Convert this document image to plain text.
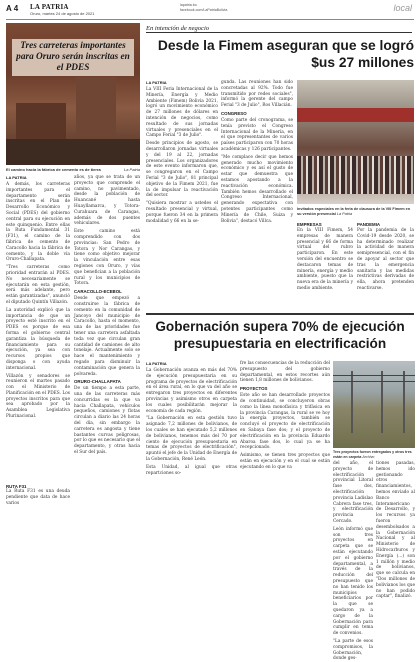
A 4 LA PATRIA
Oruro, martes 24 de agosto de 2021
lapatria.bo
facebook.com/LaPatriaBolivia	local
Tres carreteras importantes para Oruro serán inscritas en el PDES
El camino hacia la fábrica de cemento es de tierra	La Patria
LA PATRIA

A demás, los carreteras importantes para el departamento serán inscritas en el Plan de Desarrollo Económico y Social (PDES) del gobierno central para su ejecución en este quinquenio. Entre ellas la Ruta Fundamental 31 (F31), el camino de la fábrica de cemento de Caracollo hacia la fábrica de cemento, y la doble vía Oruro-Challapata.

"Tres carreteras como prioridad entrarán al PDES. No necesariamente se ejecutarán en esta gestión, será más adelante, pero están garantizadas", anunció el diputado Quintín Villazón.

La autoridad explicó que la importancia de que un proyecto esté inscrito en el PDES es porque de esa forma el gobierno central garantiza la búsqueda de financiamiento para su ejecución, ya sea con recursos propios que disponga o con ayuda internacional.

Villazón y senadores se reunieron el martes pasado con el Ministerio de Planificación en el PDES. Los proyectos inscritos para que sea aprobado por la Asamblea Legislativa Plurinacional.

RUTA F31
La Ruta F31 es una deuda pendiente que data de hace varios

años, ya que se trata de un proyecto que comprende el camino, no pavimentado, desde la población de Huancané hasta Huayllamarca, y Totora-Curahuara de Carangas, además de dos puentes vehiculares.

Este camino está comprendido con dos provincias: San Pedro de Totora y Nor Carangas, y tiene como objetivo mejorar la vinculación entre esas regiones con Oruro, y vías que benefician a la población rural y los municipios de Totora.

CARACOLLO-ECEBOL
Desde que empezó a construirse la fábrica de cemento en la comunidad de Jancoyo del municipio de Caracollo, hasta el momento, una de las prioridades fue tener una carretera asfaltada toda vez que circulan gran cantidad de camiones de alto tonelaje. Actualmente solo se hace el mantenimiento y regado para disminuir la contaminación que genera la polvareda.
ORURO-CHALLAPATA
De un tiempo a esta parte, una de las carreteras más concurridas es la que va hacia Challapata, vehículos pequeños, camiones y flotas circulan a diario las 24 horas del día, sin embargo la carretera es angosta y tiene bastantes curvas peligrosas, por lo que es necesario que el departamento, y otras hacia el Sur del país.
En intención de negocio
Desde la Fimem aseguran que se logró $us 27 millones
LA PATRIA

La VIII Feria Internacional de la Minería, Energía y Medio Ambiente (Fimem) Bolivia 2021, logró un movimiento económico de 27 millones de dólares en intención de negocios, como resultado de sus jornadas virtuales y presenciales en el Campo Ferial "3 de Julio".

Desde principios de agosto, se desarrollaron jornadas virtuales y del 19 al 22, jornadas presenciales. Los organizadores de este evento informaron que, se congregaron en el Campo Ferial "3 de Julio", 81 principal objetivo de la Fimem 2021, fue la de impulsar la reactivación del sector.

"Quisiera mostrar a ustedes el resultado presencial y virtual, porque fueron 34 en la primera modalidad y 66 en la se-

gunda. Las reuniones han sido concretadas al 92%. Todo fue transmitido por redes sociales", informó la gerente del campo Ferial "3 de Julio", Ros Villacián.

CONGRESO

Como parte del cronograma, se tenía previsto el Congreso Internacional de la Minería, en el que representantes de varios países participaron con 70 horas académicas y 126 participantes.

"Me complace decir que hemos generado mucho movimiento económico y es así el gusto de estar que demuestra que estamos apostando a la reactivación económica. También hemos desarrollado el Congreso Internacional, generando expectativa con potentes participantes como Minería de Chile, Suiza y Bolivia", destacó Villca.

Invitados especiales en la feria de clausura de la VIII Fimem en su versión presencial La Patria
EMPRESAS
En la VIII Fimem, 54 empresas de manera presencial y 66 de forma virtual del rubro participaron. En este versión del encuentro se destacaron temas de minería, energía y medio ambiente, puesto que la nueva era de la minería y medio ambiente.
PANDEMIA
Por la pandemia de la Covid-19 desde 2020, se ha determinado realizar la actividad de manera semipresencial, con el fin de apoyar al sector que tras la emergencia sanitaria y las medidas restrictivas derivadas de ella, ahora pretenden reactivarse.
Gobernación supera 70% de ejecución presupuestaria en electrificación
LA PATRIA

La Gobernación avanza en más del 70% de ejecución presupuestaria en su programa de proyectos de electrificación en el área rural, en lo que va del año se entregaron tres proyectos en diferentes provincias y asimismo otros en carpeta los cuales posibilitarán mejorar la economía de cada región.

"La Gobernación en esta gestión tuvo asignado 7,2 millones de bolivianos, de los cuales se han ejecutado 5,2 millones de bolivianos, tenemos más del 70 por ciento de ejecución presupuestaria en temas de proyectos de electrificación", apuntó el jefe de la Unidad de Energía de la Gobernación, René León.

Esta Unidad, al igual que otras repartciones so-

fre las consecuencias de la reducción del presupuesto del gobierno departamental, en estos recortes aún tienen 1,8 millones de bolivianos.

PROYECTOS

Este año se han desarrollado proyectos de continuidad, se concluyeron obras como la línea monofásica y trifásica en la provincia Carangas, la rural se ve hoy la energía proyectos, también se concluyó el proyecto de electrificación en Sabaya fase dos; y el proyecto de electrificación en la provincia Eduardo Abaroa fase dos, lo cual ya se ha recepcionado.

Asimismo, se tienen tres proyectos que están en ejecución y en el cual se están ejecutando en lo que va

Tres proyectos fueron entregados y otros tres están en carpeta Archivo

del año, el proyecto de electrificación provincial Litoral fase dos, electrificación provincia Ladislao Cabrera fase tres, y electrificación provincia Cercado.

León informó que son tres proyectos en carpeta que se están ejecutando por el gobierno departamental, a través de la reducción del presupuesto que no han tenido los municipios beneficiarios por la que se quedaron ya a cargo de la Gobernación para cumplir en tema de convenios.

"La parte de esos compromisos, la Gobernación, donde ges-

tiones pasadas, hemos ido gestionando otros financiamientos, hemos enviado al Banco Interamericano de Desarrollo, y los recursos ya fueron desembolsados a la Gobernación Nacional y al Ministerio de Hidrocarburos y Energía (...) son 1 millón y medio de bolivianos, que se calcula en "Dos millones de bolivianos los que no han podido captar", finalizó.
